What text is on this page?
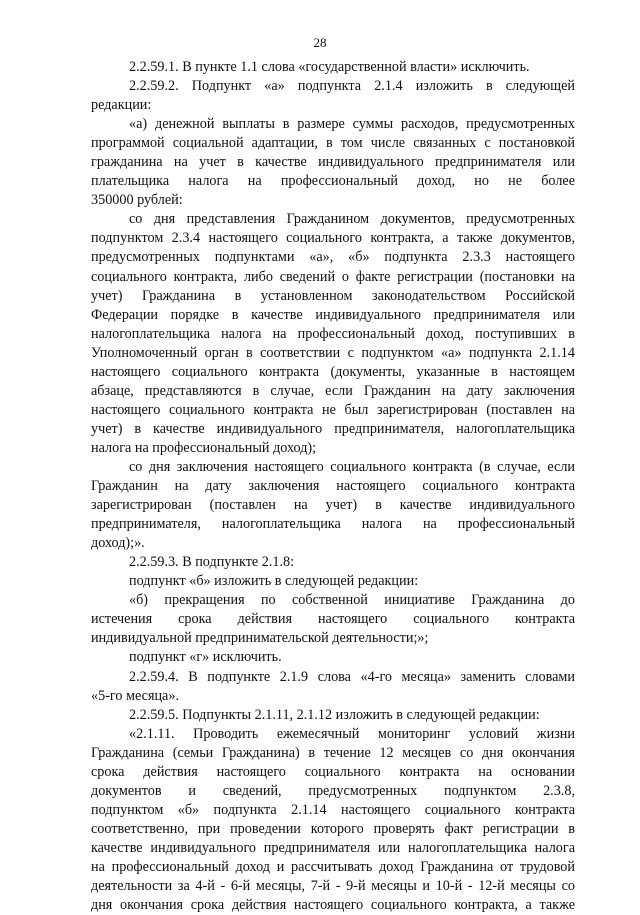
28
2.2.59.1. В пункте 1.1 слова «государственной власти» исключить.
2.2.59.2. Подпункт «а» подпункта 2.1.4 изложить в следующей
редакции:
«а) денежной выплаты в размере суммы расходов, предусмотренных
программой социальной адаптации, в том числе связанных с постановкой
гражданина на учет в качестве индивидуального предпринимателя или
плательщика налога на профессиональный доход, но не более
350000 рублей:
со дня представления Гражданином документов, предусмотренных
подпунктом 2.3.4 настоящего социального контракта, а также документов,
предусмотренных подпунктами «а», «б» подпункта 2.3.3 настоящего
социального контракта, либо сведений о факте регистрации (постановки на
учет) Гражданина в установленном законодательством Российской
Федерации порядке в качестве индивидуального предпринимателя или
налогоплательщика налога на профессиональный доход, поступивших в
Уполномоченный орган в соответствии с подпунктом «а» подпункта 2.1.14
настоящего социального контракта (документы, указанные в настоящем
абзаце, представляются в случае, если Гражданин на дату заключения
настоящего социального контракта не был зарегистрирован (поставлен на
учет) в качестве индивидуального предпринимателя, налогоплательщика
налога на профессиональный доход);
со дня заключения настоящего социального контракта (в случае, если
Гражданин на дату заключения настоящего социального контракта
зарегистрирован (поставлен на учет) в качестве индивидуального
предпринимателя, налогоплательщика налога на профессиональный
доход);».
2.2.59.3. В подпункте 2.1.8:
подпункт «б» изложить в следующей редакции:
«б) прекращения по собственной инициативе Гражданина до
истечения срока действия настоящего социального контракта
индивидуальной предпринимательской деятельности;»;
подпункт «г» исключить.
2.2.59.4. В подпункте 2.1.9 слова «4-го месяца» заменить словами
«5-го месяца».
2.2.59.5. Подпункты 2.1.11, 2.1.12 изложить в следующей редакции:
«2.1.11. Проводить ежемесячный мониторинг условий жизни
Гражданина (семьи Гражданина) в течение 12 месяцев со дня окончания
срока действия настоящего социального контракта на основании
документов и сведений, предусмотренных подпунктом 2.3.8,
подпунктом «б» подпункта 2.1.14 настоящего социального контракта
соответственно, при проведении которого проверять факт регистрации в
качестве индивидуального предпринимателя или налогоплательщика налога
на профессиональный доход и рассчитывать доход Гражданина от трудовой
деятельности за 4-й - 6-й месяцы, 7-й - 9-й месяцы и 10-й - 12-й месяцы со
дня окончания срока действия настоящего социального контракта, а также
